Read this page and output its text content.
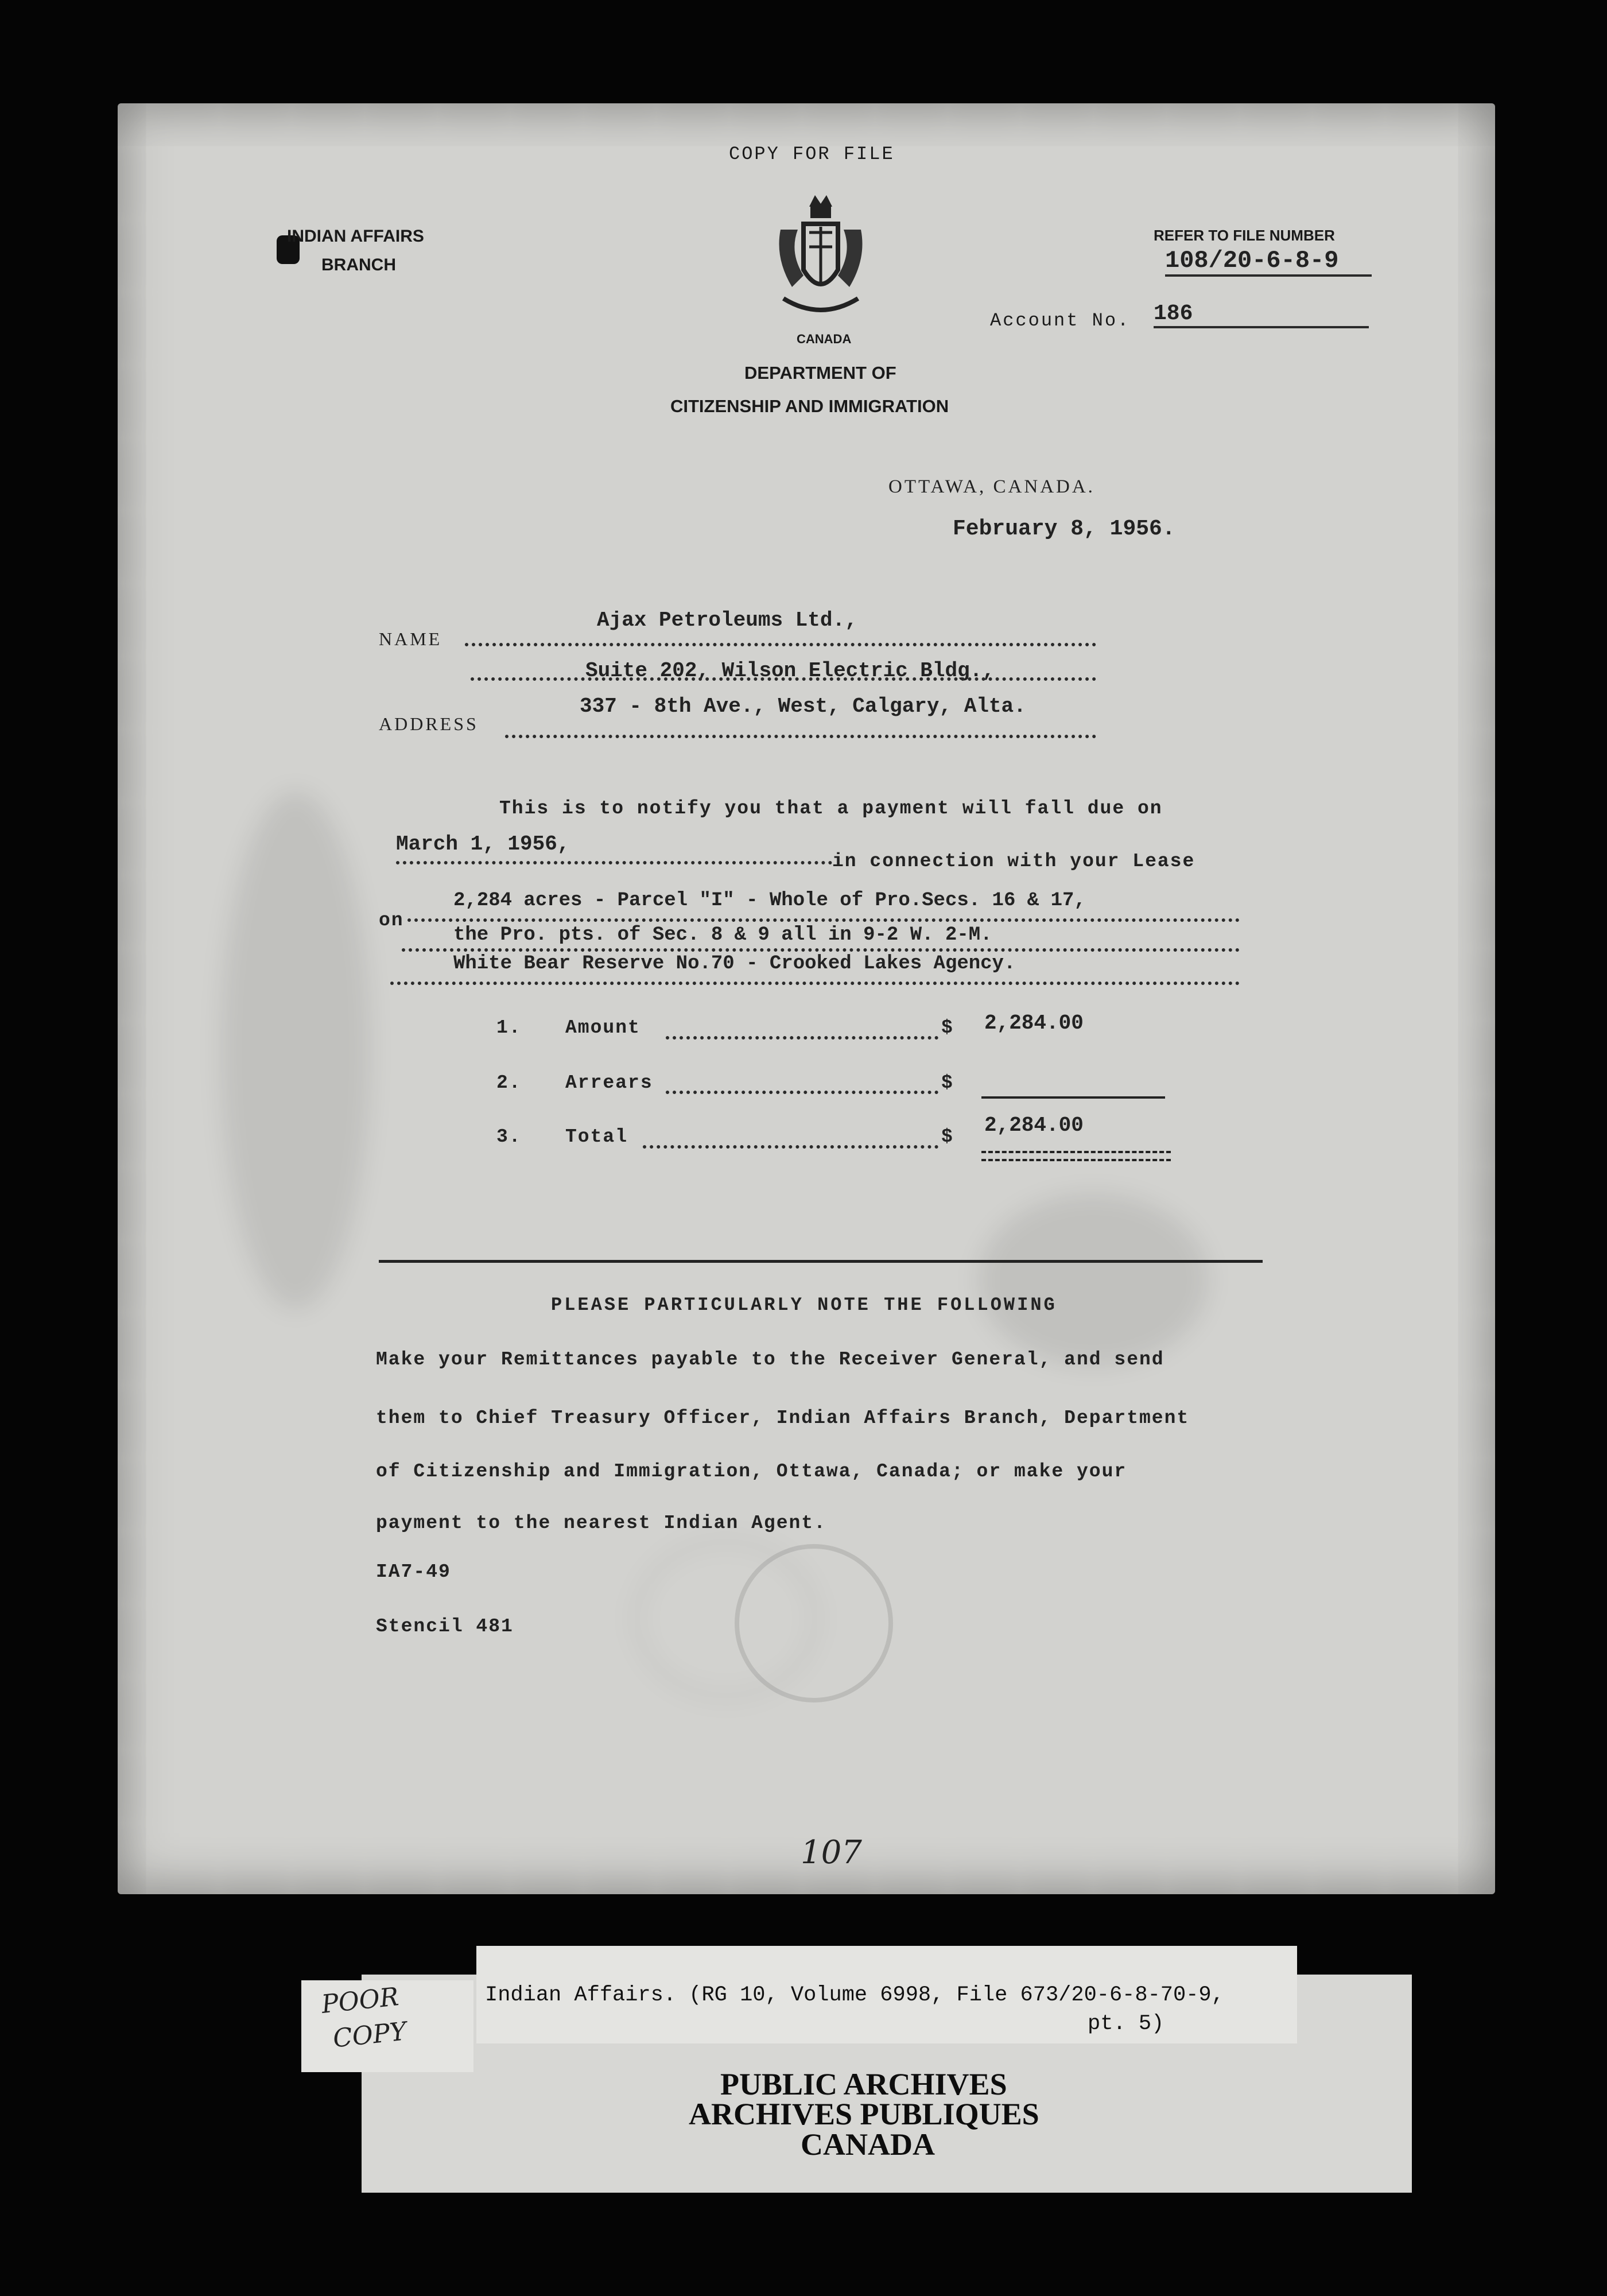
COPY FOR FILE
INDIAN AFFAIRS
BRANCH
REFER TO FILE NUMBER
108/20-6-8-9
CANADA
Account No. 186
DEPARTMENT OF
CITIZENSHIP AND IMMIGRATION
OTTAWA, CANADA.
February 8, 1956.
NAME
Ajax Petroleums Ltd.,
Suite 202, Wilson Electric Bldg.,
ADDRESS
337 - 8th Ave., West, Calgary, Alta.
This is to notify you that a payment will fall due on
March 1, 1956,
in connection with your Lease
on
2,284 acres - Parcel "I" - Whole of Pro.Secs. 16 & 17,
the Pro. pts. of Sec. 8 & 9 all in 9-2 W. 2-M.
White Bear Reserve No.70 - Crooked Lakes Agency.
1. Amount	$ 2,284.00
2. Arrears	$
3. Total	$ 2,284.00
PLEASE PARTICULARLY NOTE THE FOLLOWING
Make your Remittances payable to the Receiver General, and send
them to Chief Treasury Officer, Indian Affairs Branch, Department
of Citizenship and Immigration, Ottawa, Canada; or make your
payment to the nearest Indian Agent.
IA7-49
Stencil 481
107
PUBLIC ARCHIVES
ARCHIVES PUBLIQUES
CANADA
Indian Affairs. (RG 10, Volume 6998, File 673/20-6-8-70-9,
pt. 5)
POOR
COPY
